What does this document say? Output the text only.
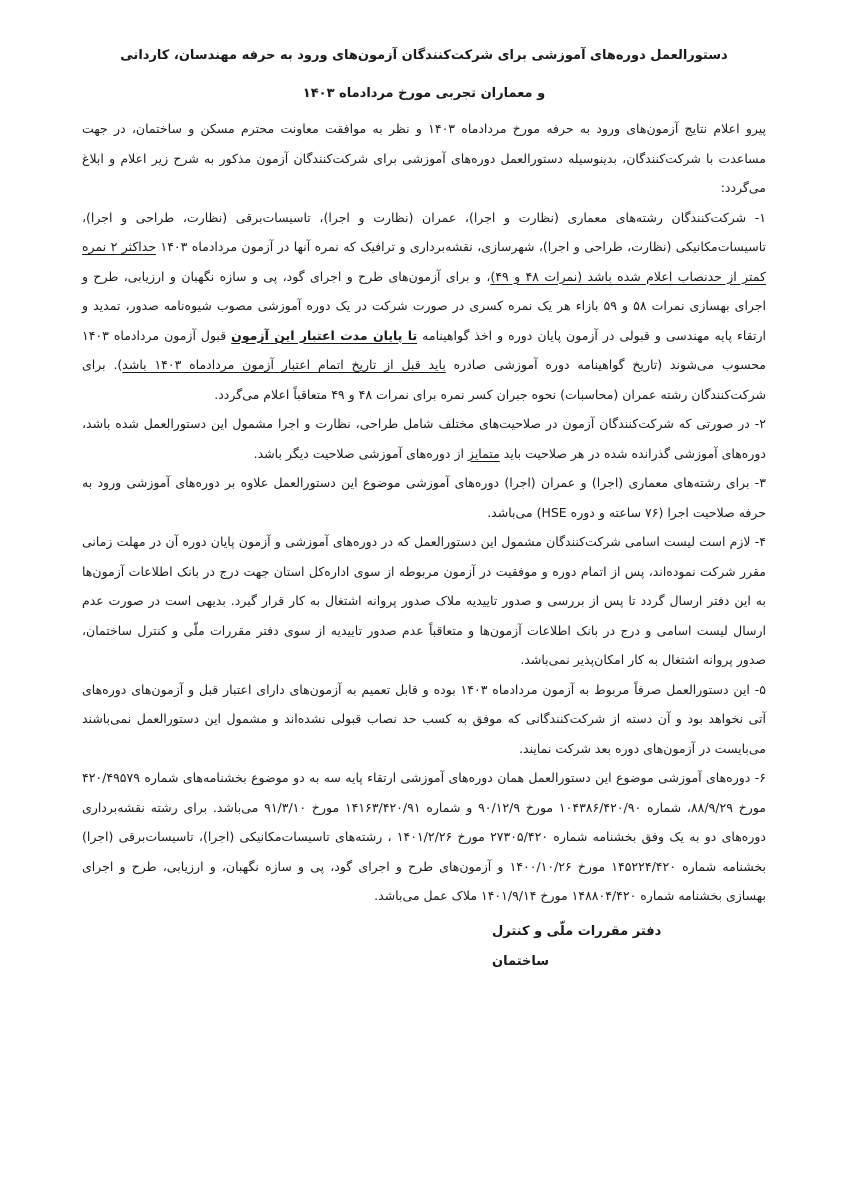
دستورالعمل دوره‌های آموزشی برای شرکت‌کنندگان آزمون‌های ورود به حرفه مهندسان، کاردانی
و معماران تجربی مورخ مردادماه ۱۴۰۳

پیرو اعلام نتایج آزمون‌های ورود به حرفه مورخ مردادماه ۱۴۰۳ و نظر به موافقت معاونت محترم مسکن و ساختمان، در جهت مساعدت با شرکت‌کنندگان، بدینوسیله دستورالعمل دوره‌های آموزشی برای شرکت‌کنندگان آزمون مذکور به شرح زیر اعلام و ابلاغ می‌گردد:

۱- شرکت‌کنندگان رشته‌های معماری (نظارت و اجرا)، عمران (نظارت و اجرا)، تاسیسات‌برقی (نظارت، طراحی و اجرا)، تاسیسات‌مکانیکی (نظارت، طراحی و اجرا)، شهرسازی، نقشه‌برداری و ترافیک که نمره آنها در آزمون مردادماه ۱۴۰۳ حداکثر ۲ نمره کمتر از حدنصاب اعلام شده باشد (نمرات ۴۸ و ۴۹)، و برای آزمون‌های طرح و اجرای گود، پی و سازه نگهبان و ارزیابی، طرح و اجرای بهسازی نمرات ۵۸ و ۵۹ بازاء هر یک نمره کسری در صورت شرکت در یک دوره آموزشی مصوب شیوه‌نامه صدور، تمدید و ارتقاء پایه مهندسی و قبولی در آزمون پایان دوره و اخذ گواهینامه تا پایان مدت اعتبار این آزمون قبول آزمون مردادماه ۱۴۰۳ محسوب می‌شوند (تاریخ گواهینامه دوره آموزشی صادره باید قبل از تاریخ اتمام اعتبار آزمون مردادماه ۱۴۰۳ باشد). برای شرکت‌کنندگان رشته عمران (محاسبات) نحوه جبران کسر نمره برای نمرات ۴۸ و ۴۹ متعاقباً اعلام می‌گردد.

۲- در صورتی که شرکت‌کنندگان آزمون در صلاحیت‌های مختلف شامل طراحی، نظارت و اجرا مشمول این دستورالعمل شده باشد، دوره‌های آموزشی گذرانده شده در هر صلاحیت باید متمایز از دوره‌های آموزشی صلاحیت دیگر باشد.

۳- برای رشته‌های معماری (اجرا) و عمران (اجرا) دوره‌های آموزشی موضوع این دستورالعمل علاوه بر دوره‌های آموزشی ورود به حرفه صلاحیت اجرا (۷۶ ساعته و دوره HSE) می‌باشد.

۴- لازم است لیست اسامی شرکت‌کنندگان مشمول این دستورالعمل که در دوره‌های آموزشی و آزمون پایان دوره آن در مهلت زمانی مقرر شرکت نموده‌اند، پس از اتمام دوره و موفقیت در آزمون مربوطه از سوی اداره‌کل استان جهت درج در بانک اطلاعات آزمون‌ها به این دفتر ارسال گردد تا پس از بررسی و صدور تاییدیه ملاک صدور پروانه اشتغال به کار قرار گیرد. بدیهی است در صورت عدم ارسال لیست اسامی و درج در بانک اطلاعات آزمون‌ها و متعاقباً عدم صدور تاییدیه از سوی دفتر مقررات ملّی و کنترل ساختمان، صدور پروانه اشتغال به کار امکان‌پذیر نمی‌باشد.

۵- این دستورالعمل صرفاً مربوط به آزمون مردادماه ۱۴۰۳ بوده و قابل تعمیم به آزمون‌های دارای اعتبار قبل و آزمون‌های دوره‌های آتی نخواهد بود و آن دسته از شرکت‌کنندگانی که موفق به کسب حد نصاب قبولی نشده‌اند و مشمول این دستورالعمل نمی‌باشند می‌بایست در آزمون‌های دوره بعد شرکت نمایند.

۶- دوره‌های آموزشی موضوع این دستورالعمل همان دوره‌های آموزشی ارتقاء پایه سه به دو موضوع بخشنامه‌های شماره ۴۲۰/۴۹۵۷۹ مورخ ۸۸/۹/۲۹، شماره ۱۰۴۳۸۶/۴۲۰/۹۰ مورخ ۹۰/۱۲/۹ و شماره ۱۴۱۶۳/۴۲۰/۹۱ مورخ ۹۱/۳/۱۰ می‌باشد. برای رشته نقشه‌برداری دوره‌های دو به یک وفق بخشنامه شماره ۲۷۳۰۵/۴۲۰ مورخ ۱۴۰۱/۲/۲۶ ، رشته‌های تاسیسات‌مکانیکی (اجرا)، تاسیسات‌برقی (اجرا) بخشنامه شماره ۱۴۵۲۲۴/۴۲۰ مورخ ۱۴۰۰/۱۰/۲۶ و آزمون‌های طرح و اجرای گود، پی و سازه نگهبان، و ارزیابی، طرح و اجرای بهسازی بخشنامه شماره ۱۴۸۸۰۴/۴۲۰ مورخ ۱۴۰۱/۹/۱۴ ملاک عمل می‌باشد.

دفتر مقررات ملّی و کنترل ساختمان
